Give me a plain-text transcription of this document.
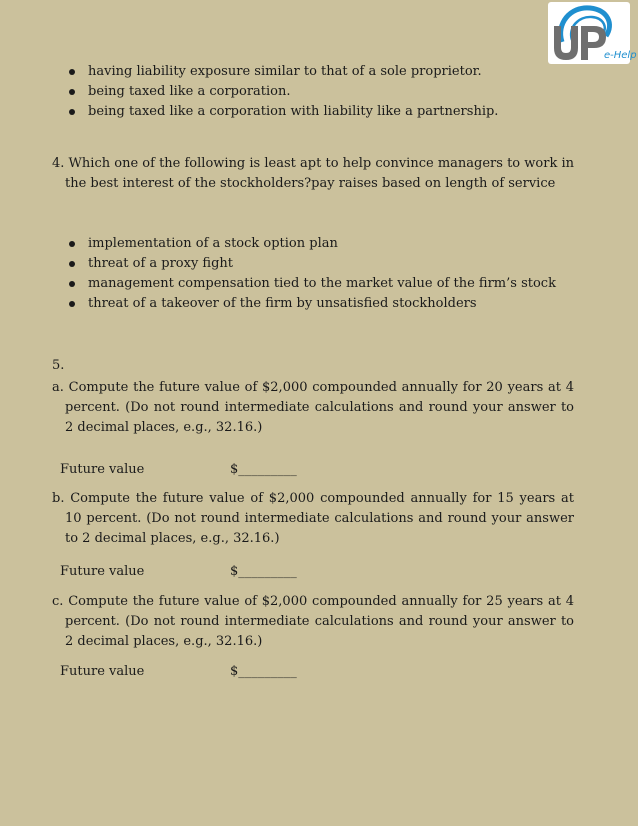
e-Help
having liability exposure similar to that of a sole proprietor.
being taxed like a corporation.
being taxed like a corporation with liability like a partnership.
4. Which one of the following is least apt to help convince managers to work in the best interest of the stockholders?pay raises based on length of service
implementation of a stock option plan
threat of a proxy fight
management compensation tied to the market value of the firm’s stock
threat of a takeover of the firm by unsatisfied stockholders
5.
a. Compute the future value of $2,000 compounded annually for 20 years at 4 percent. (Do not round intermediate calculations and round your answer to 2 decimal places, e.g., 32.16.)
Future value	$_________
b. Compute the future value of $2,000 compounded annually for 15 years at 10 percent. (Do not round intermediate calculations and round your answer to 2 decimal places, e.g., 32.16.)
Future value	$_________
c. Compute the future value of $2,000 compounded annually for 25 years at 4 percent. (Do not round intermediate calculations and round your answer to 2 decimal places, e.g., 32.16.)
Future value	$_________
